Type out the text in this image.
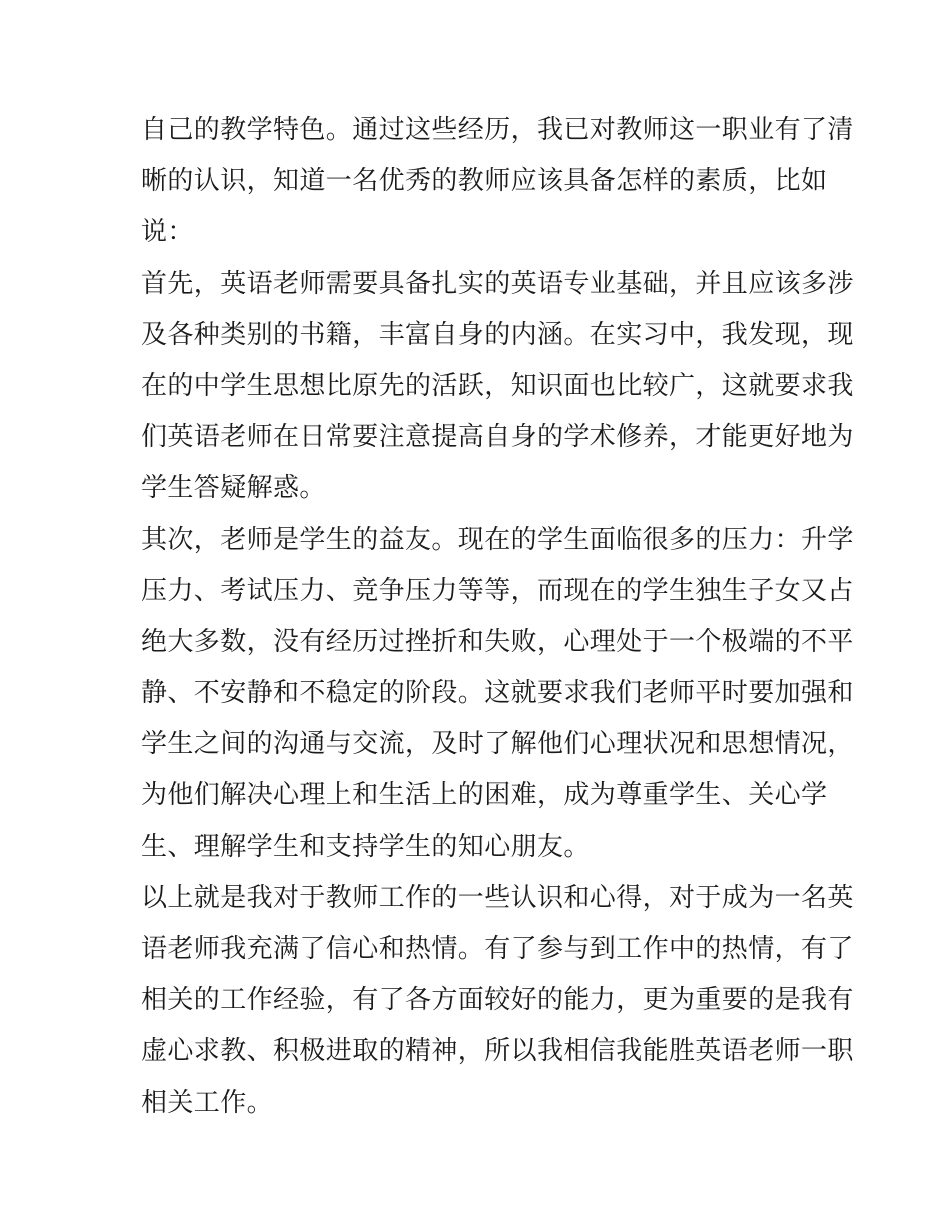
自己的教学特色。通过这些经历，我已对教师这一职业有了清
晰的认识，知道一名优秀的教师应该具备怎样的素质，比如
说：
首先，英语老师需要具备扎实的英语专业基础，并且应该多涉
及各种类别的书籍，丰富自身的内涵。在实习中，我发现，现
在的中学生思想比原先的活跃，知识面也比较广，这就要求我
们英语老师在日常要注意提高自身的学术修养，才能更好地为
学生答疑解惑。
其次，老师是学生的益友。现在的学生面临很多的压力：升学
压力、考试压力、竞争压力等等，而现在的学生独生子女又占
绝大多数，没有经历过挫折和失败，心理处于一个极端的不平
静、不安静和不稳定的阶段。这就要求我们老师平时要加强和
学生之间的沟通与交流，及时了解他们心理状况和思想情况，
为他们解决心理上和生活上的困难，成为尊重学生、关心学
生、理解学生和支持学生的知心朋友。
以上就是我对于教师工作的一些认识和心得，对于成为一名英
语老师我充满了信心和热情。有了参与到工作中的热情，有了
相关的工作经验，有了各方面较好的能力，更为重要的是我有
虚心求教、积极进取的精神，所以我相信我能胜英语老师一职
相关工作。
